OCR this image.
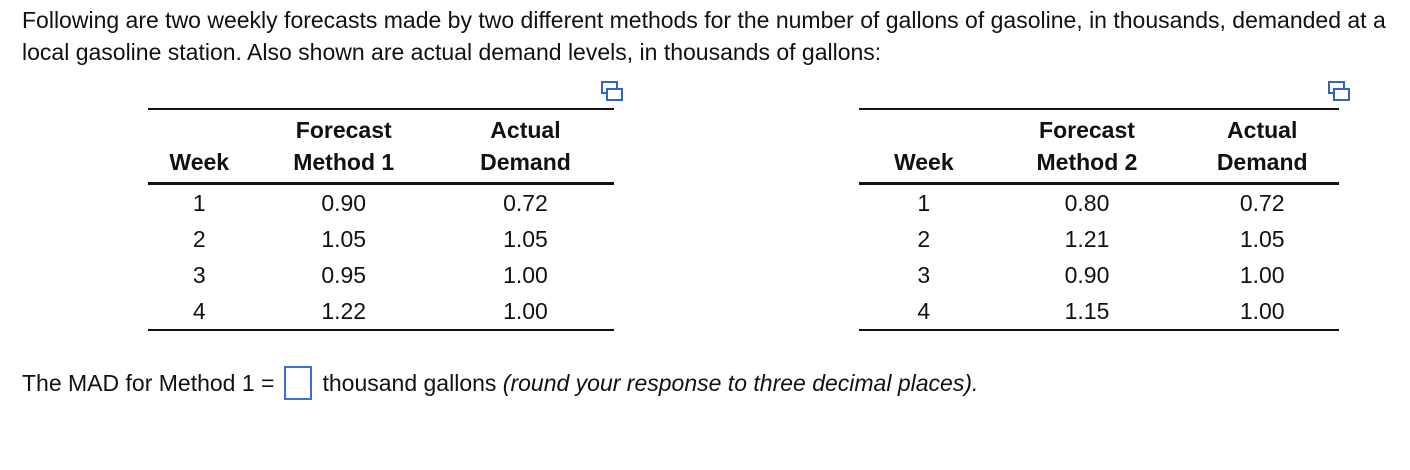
Following are two weekly forecasts made by two different methods for the number of gallons of gasoline, in thousands, demanded at a local gasoline station. Also shown are actual demand levels, in thousands of gallons:

	Forecast	Actual
Week	Method 1	Demand
1	0.90	0.72
2	1.05	1.05
3	0.95	1.00
4	1.22	1.00
	Forecast	Actual
Week	Method 2	Demand
1	0.80	0.72
2	1.21	1.05
3	0.90	1.00
4	1.15	1.00
The MAD for Method 1 = thousand gallons
(round your response to three decimal places).
